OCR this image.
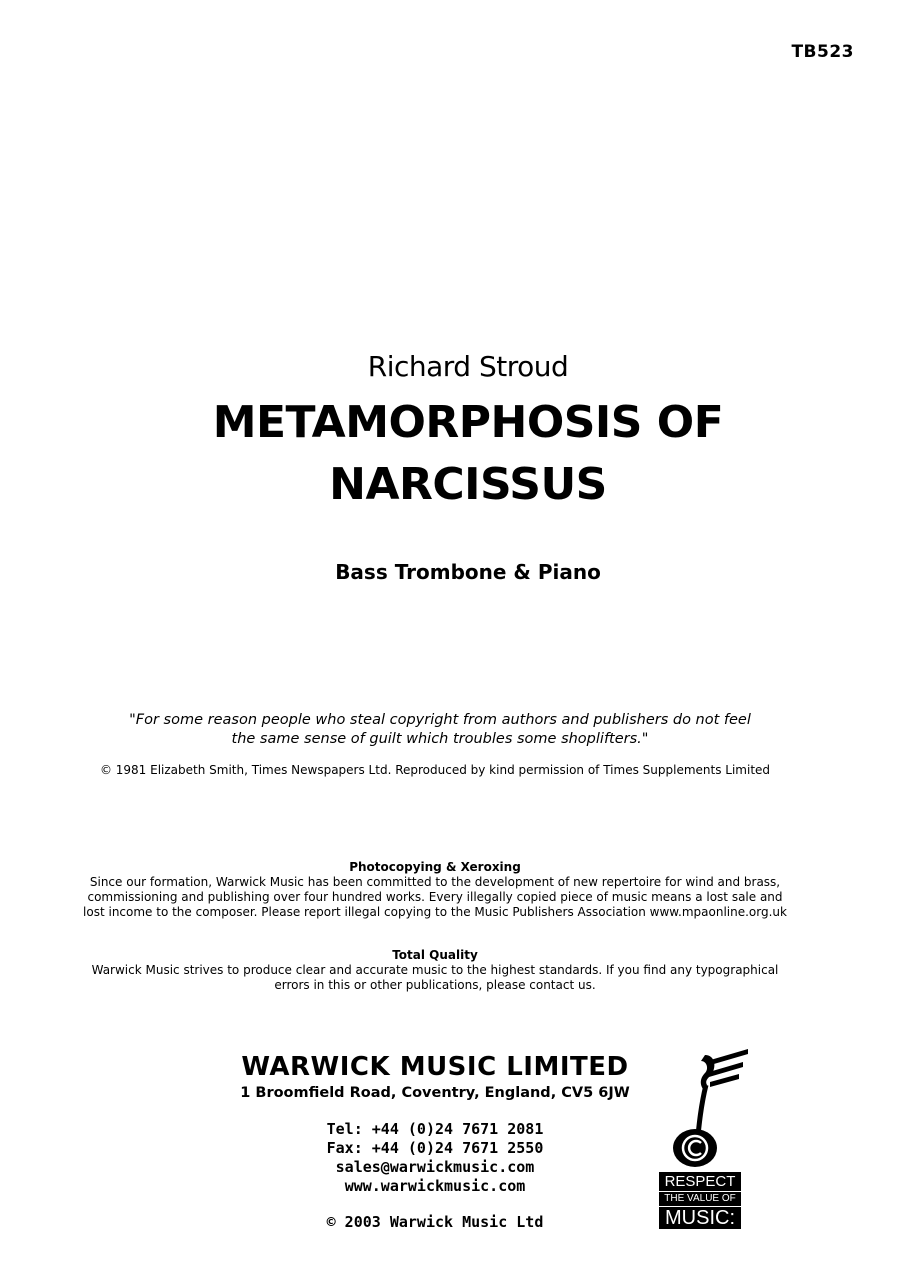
TB523
Richard Stroud
METAMORPHOSIS OF
NARCISSUS
Bass Trombone & Piano
"For some reason people who steal copyright from authors and publishers do not feel
the same sense of guilt which troubles some shoplifters."
© 1981 Elizabeth Smith, Times Newspapers Ltd. Reproduced by kind permission of Times Supplements Limited
Photocopying & Xeroxing
Since our formation, Warwick Music has been committed to the development of new repertoire for wind and brass,
commissioning and publishing over four hundred works. Every illegally copied piece of music means a lost sale and
lost income to the composer. Please report illegal copying to the Music Publishers Association www.mpaonline.org.uk
Total Quality
Warwick Music strives to produce clear and accurate music to the highest standards. If you find any typographical
errors in this or other publications, please contact us.
WARWICK MUSIC LIMITED
1 Broomfield Road, Coventry, England, CV5 6JW
Tel: +44 (0)24 7671 2081
Fax: +44 (0)24 7671 2550
sales@warwickmusic.com
www.warwickmusic.com
© 2003 Warwick Music Ltd
RESPECT
THE VALUE OF
MUSIC:
